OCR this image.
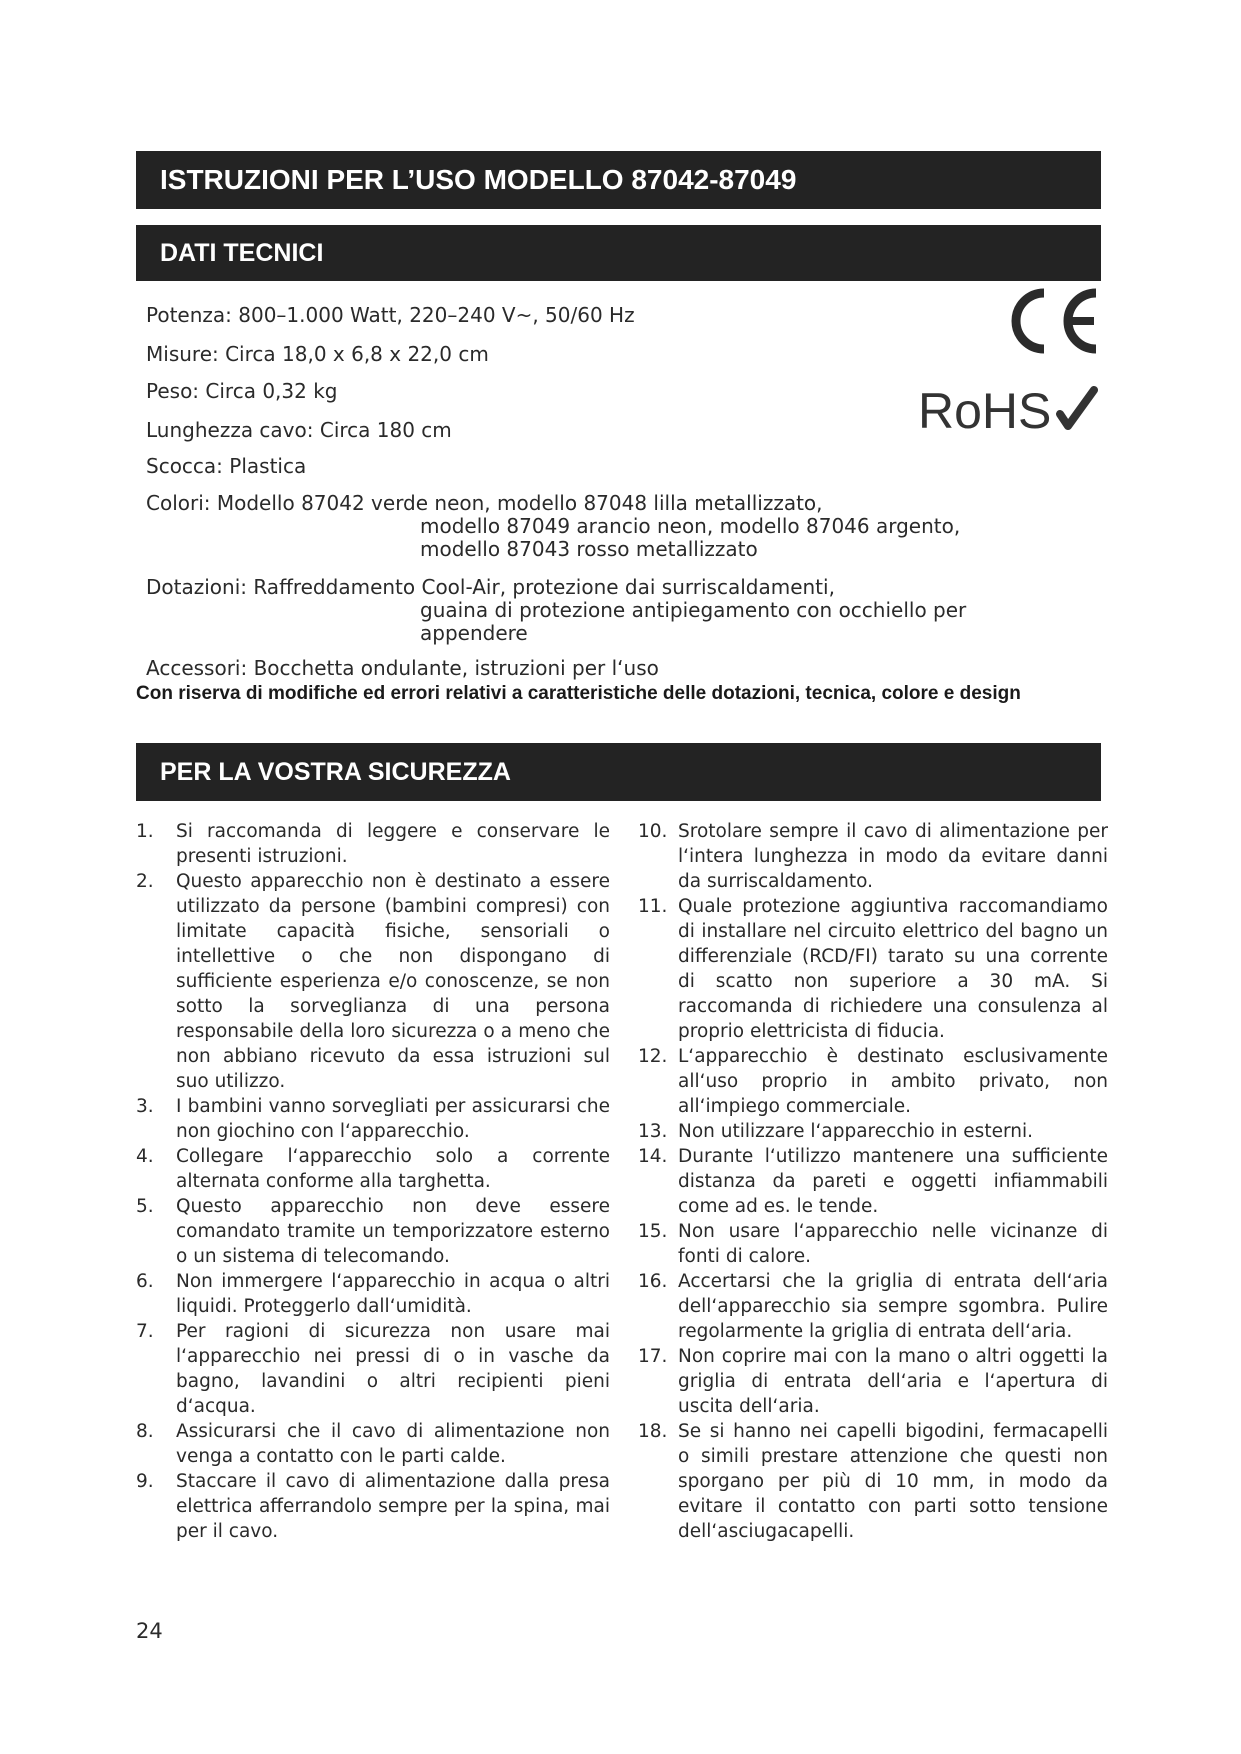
ISTRUZIONI PER L’USO MODELLO 87042-87049
DATI TECNICI
Potenza: 800–1.000 Watt, 220–240 V~, 50/60 Hz
Misure: Circa 18,0 x 6,8 x 22,0 cm
Peso: Circa 0,32 kg
Lunghezza cavo: Circa 180 cm
Scocca: Plastica
Colori: Modello 87042 verde neon, modello 87048 lilla metallizzato,
modello 87049 arancio neon, modello 87046 argento,
modello 87043 rosso metallizzato
Dotazioni: Raffreddamento Cool-Air, protezione dai surriscaldamenti,
guaina di protezione antipiegamento con occhiello per
appendere
Accessori: Bocchetta ondulante, istruzioni per l‘uso
Con riserva di modifiche ed errori relativi a caratteristiche delle dotazioni, tecnica, colore e design
RoHS
PER LA VOSTRA SICUREZZA
1. Si raccomanda di leggere e conservare le presenti istruzioni.
2. Questo apparecchio non è destinato a essere utilizzato da persone (bambini compresi) con limitate capacità fisiche, sensoriali o intellettive o che non dispongano di sufficiente esperienza e/o conoscenze, se non sotto la sorveglianza di una persona responsabile della loro sicurezza o a meno che non abbiano ricevuto da essa istruzioni sul suo utilizzo.
3. I bambini vanno sorvegliati per assicurarsi che non giochino con l‘apparecchio.
4. Collegare l‘apparecchio solo a corrente alternata conforme alla targhetta.
5. Questo apparecchio non deve essere comandato tramite un temporizzatore esterno o un sistema di telecomando.
6. Non immergere l‘apparecchio in acqua o altri liquidi. Proteggerlo dall‘umidità.
7. Per ragioni di sicurezza non usare mai l‘apparecchio nei pressi di o in vasche da bagno, lavandini o altri recipienti pieni d‘acqua.
8. Assicurarsi che il cavo di alimentazione non venga a contatto con le parti calde.
9. Staccare il cavo di alimentazione dalla presa elettrica afferrandolo sempre per la spina, mai per il cavo.
10. Srotolare sempre il cavo di alimentazione per l‘intera lunghezza in modo da evitare danni da surriscaldamento.
11. Quale protezione aggiuntiva raccomandiamo di installare nel circuito elettrico del bagno un differenziale (RCD/FI) tarato su una corrente di scatto non superiore a 30 mA. Si raccomanda di richiedere una consulenza al proprio elettricista di fiducia.
12. L‘apparecchio è destinato esclusivamente all‘uso proprio in ambito privato, non all‘impiego commerciale.
13. Non utilizzare l‘apparecchio in esterni.
14. Durante l‘utilizzo mantenere una sufficiente distanza da pareti e oggetti infiammabili come ad es. le tende.
15. Non usare l‘apparecchio nelle vicinanze di fonti di calore.
16. Accertarsi che la griglia di entrata dell‘aria dell‘apparecchio sia sempre sgombra. Pulire regolarmente la griglia di entrata dell‘aria.
17. Non coprire mai con la mano o altri oggetti la griglia di entrata dell‘aria e l‘apertura di uscita dell‘aria.
18. Se si hanno nei capelli bigodini, fermacapelli o simili prestare attenzione che questi non sporgano per più di 10 mm, in modo da evitare il contatto con parti sotto tensione dell‘asciugacapelli.
24
